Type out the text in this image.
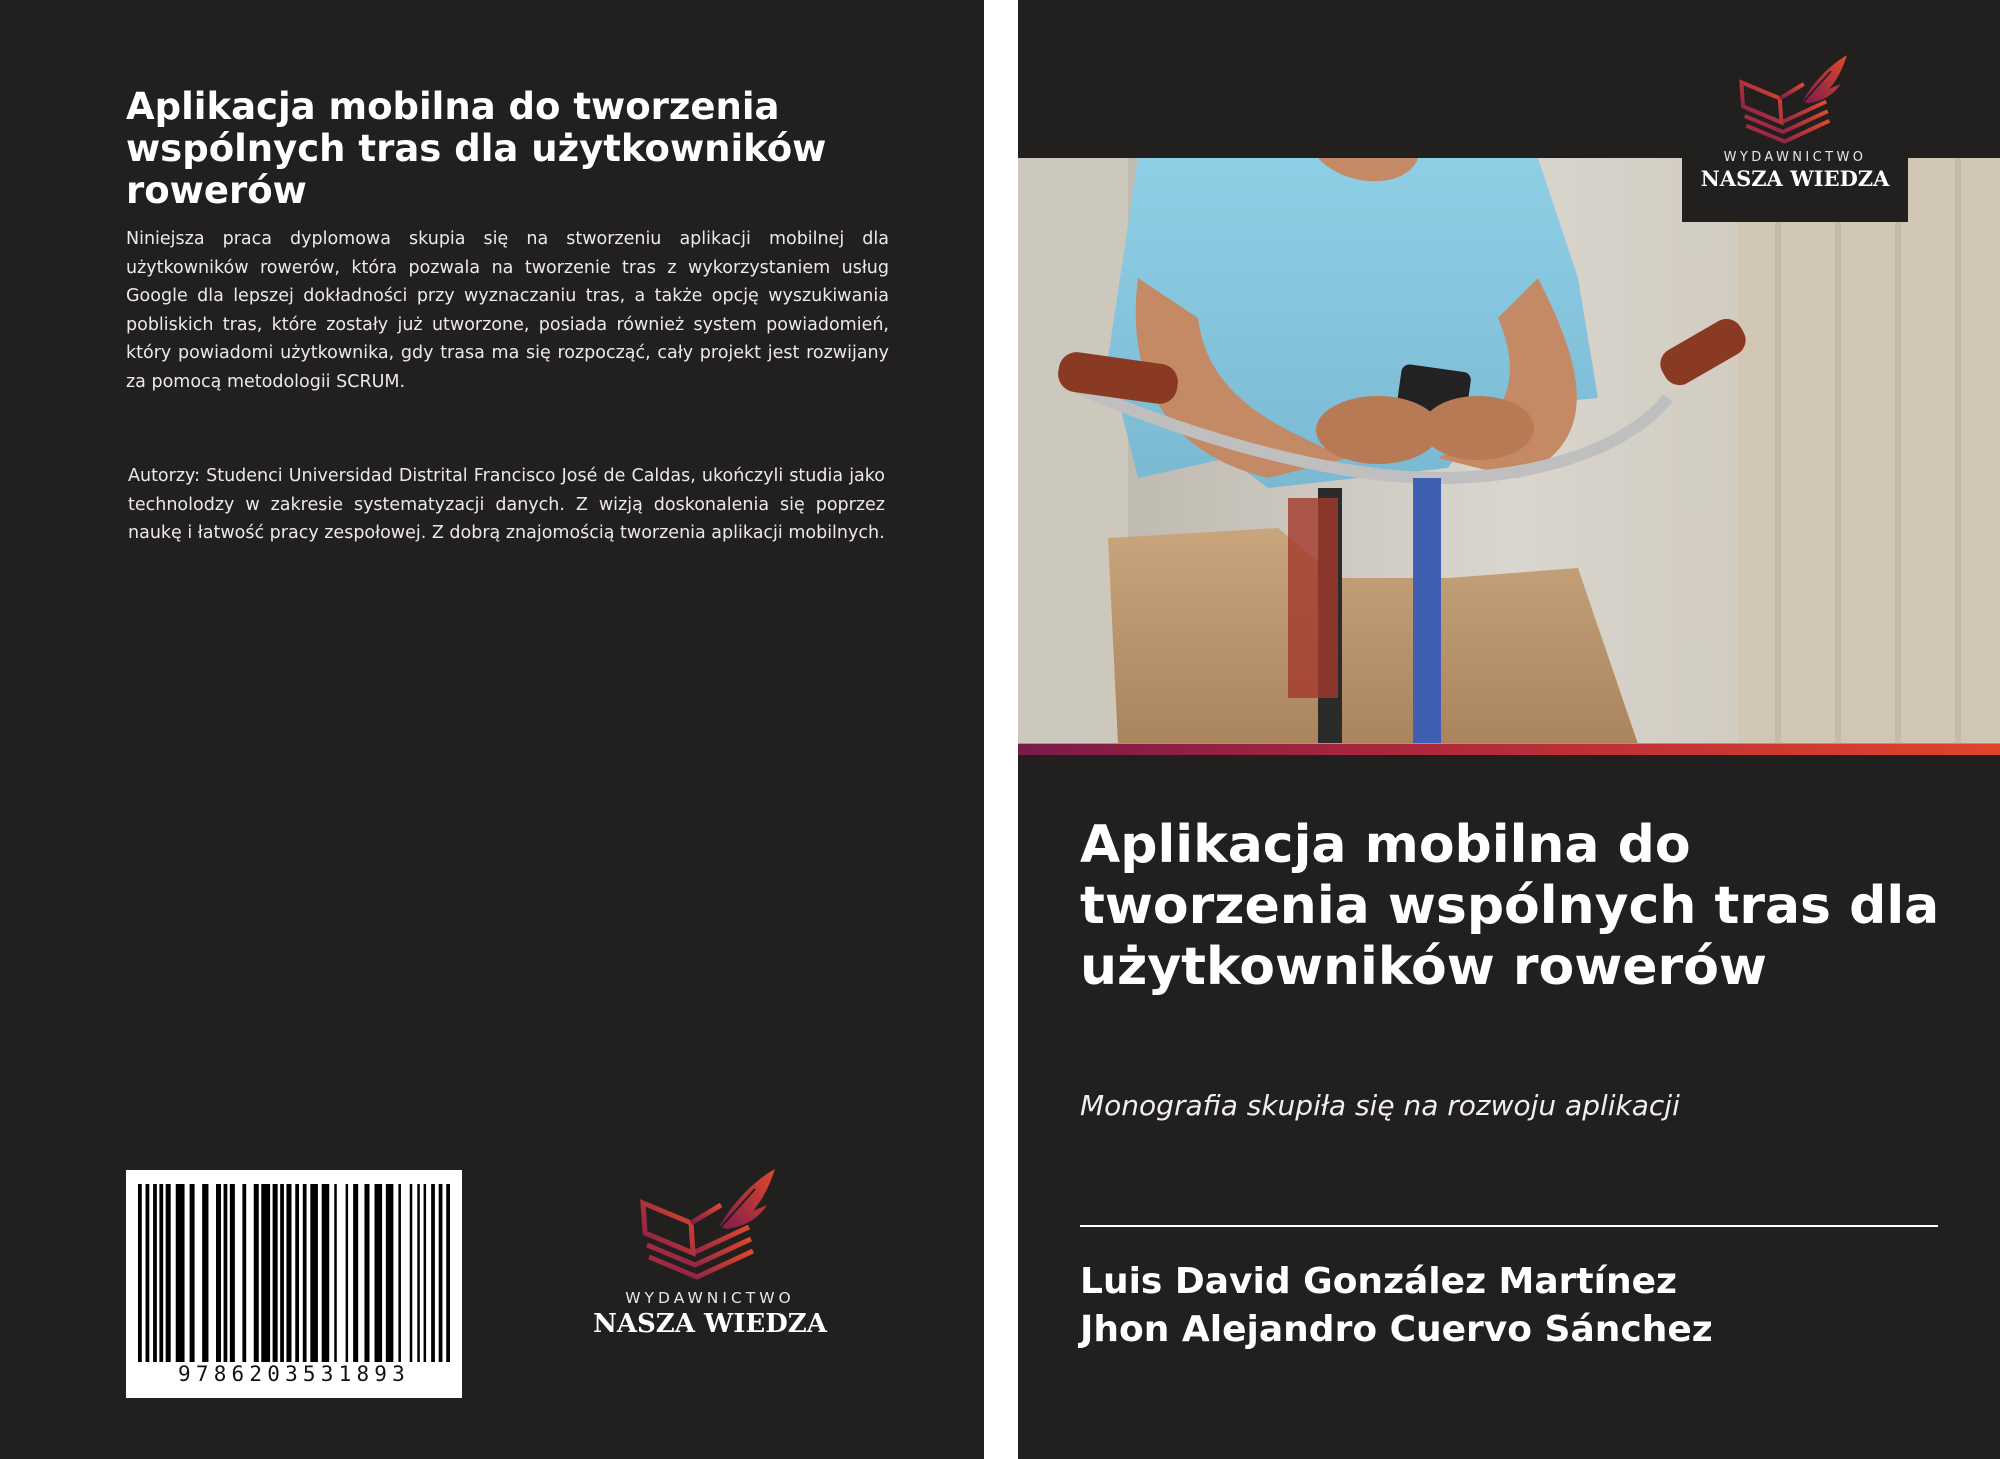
Aplikacja mobilna do tworzenia wspólnych tras dla użytkowników rowerów

Niniejsza praca dyplomowa skupia się na stworzeniu aplikacji mobilnej dla użytkowników rowerów, która pozwala na tworzenie tras z wykorzystaniem usług Google dla lepszej dokładności przy wyznaczaniu tras, a także opcję wyszukiwania pobliskich tras, które zostały już utworzone, posiada również system powiadomień, który powiadomi użytkownika, gdy trasa ma się rozpocząć, cały projekt jest rozwijany za pomocą metodologii SCRUM.

Autorzy: Studenci Universidad Distrital Francisco José de Caldas, ukończyli studia jako technolodzy w zakresie systematyzacji danych. Z wizją doskonalenia się poprzez naukę i łatwość pracy zespołowej. Z dobrą znajomością tworzenia aplikacji mobilnych.

9786203531893
WYDAWNICTWO
NASZA WIEDZA
WYDAWNICTWO
NASZA WIEDZA
Aplikacja mobilna do tworzenia wspólnych tras dla użytkowników rowerów

Monografia skupiła się na rozwoju aplikacji

Luis David González Martínez
Jhon Alejandro Cuervo Sánchez
